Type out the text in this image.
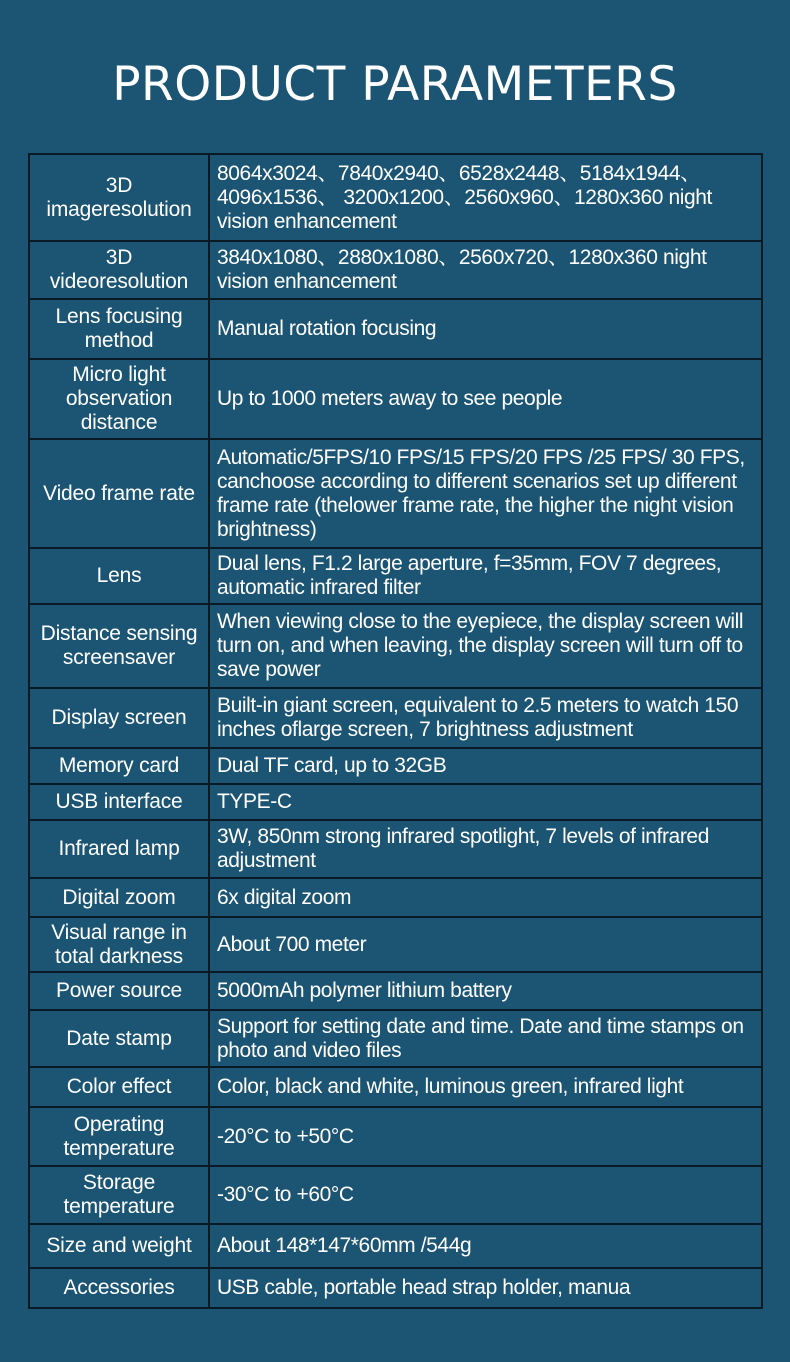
PRODUCT PARAMETERS
3D imageresolution	8064x3024、7840x2940、6528x2448、5184x1944、4096x1536、 3200x1200、2560x960、1280x360 night vision enhancement
3D videoresolution	3840x1080、2880x1080、2560x720、1280x360 night vision enhancement
Lens focusing method	Manual rotation focusing
Micro light observation distance	Up to 1000 meters away to see people
Video frame rate	Automatic/5FPS/10 FPS/15 FPS/20 FPS /25 FPS/ 30 FPS, canchoose according to different scenarios set up different frame rate (thelower frame rate, the higher the night vision brightness)
Lens	Dual lens, F1.2 large aperture, f=35mm, FOV 7 degrees, automatic infrared filter
Distance sensing screensaver	When viewing close to the eyepiece, the display screen will turn on, and when leaving, the display screen will turn off to save power
Display screen	Built-in giant screen, equivalent to 2.5 meters to watch 150 inches oflarge screen, 7 brightness adjustment
Memory card	Dual TF card, up to 32GB
USB interface	TYPE-C
Infrared lamp	3W, 850nm strong infrared spotlight, 7 levels of infrared adjustment
Digital zoom	6x digital zoom
Visual range in total darkness	About 700 meter
Power source	5000mAh polymer lithium battery
Date stamp	Support for setting date and time. Date and time stamps on photo and video files
Color effect	Color, black and white, luminous green, infrared light
Operating temperature	-20°C to +50°C
Storage temperature	-30°C to +60°C
Size and weight	About 148*147*60mm /544g
Accessories	USB cable, portable head strap holder, manua
